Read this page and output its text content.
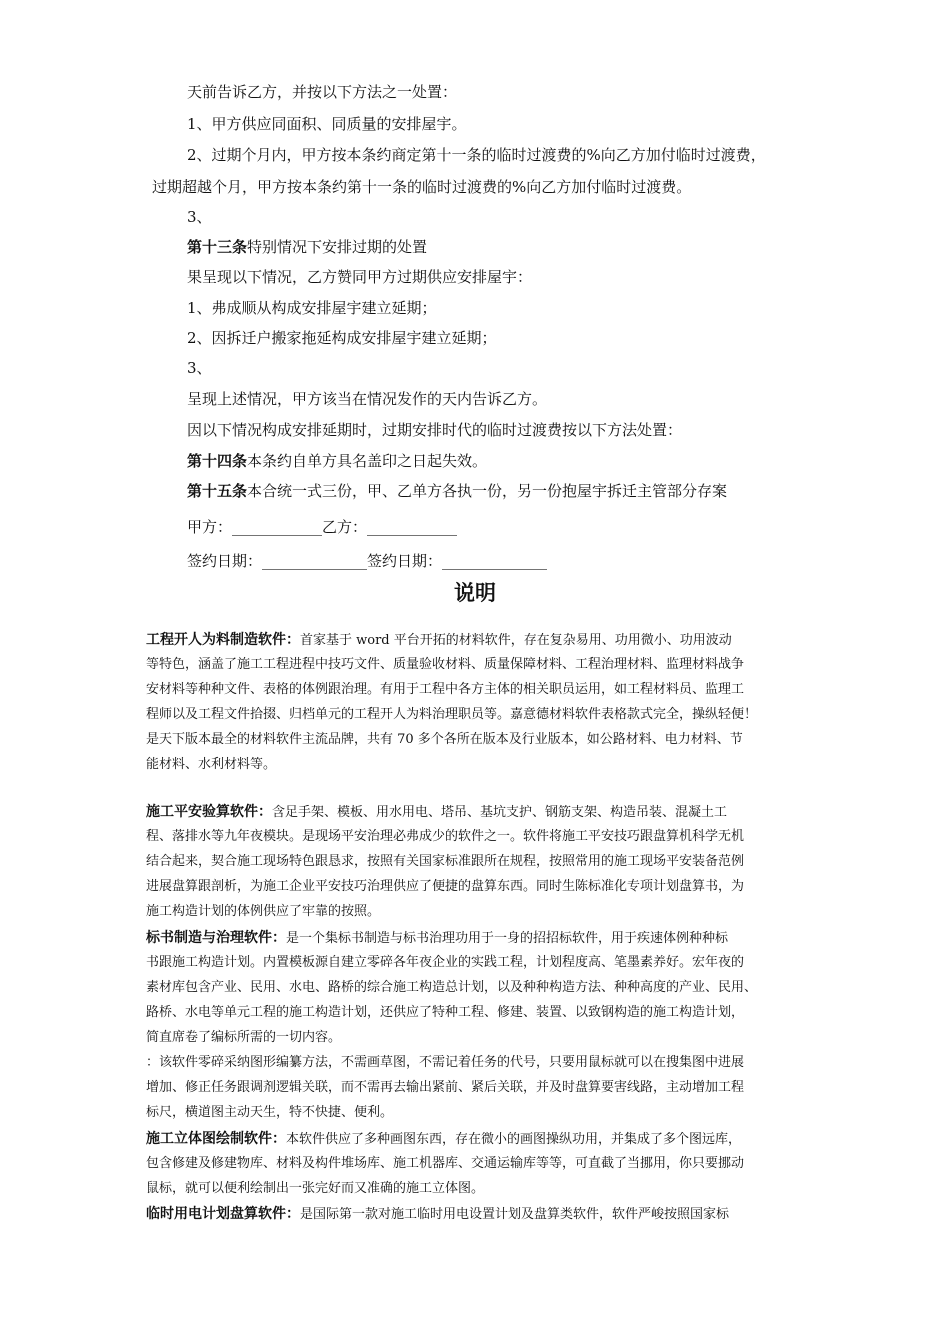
天前告诉乙方，并按以下方法之一处置：
1、甲方供应同面积、同质量的安排屋宇。
2、过期个月内，甲方按本条约商定第十一条的临时过渡费的%向乙方加付临时过渡费，
过期超越个月，甲方按本条约第十一条的临时过渡费的%向乙方加付临时过渡费。
3、
第十三条特别情况下安排过期的处置
果呈现以下情况，乙方赞同甲方过期供应安排屋宇：
1、弗成顺从构成安排屋宇建立延期；
2、因拆迁户搬家拖延构成安排屋宇建立延期；
3、
呈现上述情况，甲方该当在情况发作的天内告诉乙方。
因以下情况构成安排延期时，过期安排时代的临时过渡费按以下方法处置：
第十四条本条约自单方具名盖印之日起失效。
第十五条本合统一式三份，甲、乙单方各执一份，另一份抱屋宇拆迁主管部分存案
甲方：____________乙方：____________
签约日期：______________签约日期：______________
说明
工程开人为料制造软件：首家基于 word 平台开拓的材料软件，存在复杂易用、功用微小、功用波动
等特色，涵盖了施工工程进程中技巧文件、质量验收材料、质量保障材料、工程治理材料、监理材料战争
安材料等种种文件、表格的体例跟治理。有用于工程中各方主体的相关职员运用，如工程材料员、监理工
程师以及工程文件拾掇、归档单元的工程开人为料治理职员等。嘉意德材料软件表格款式完全，操纵轻便！
是天下版本最全的材料软件主流品牌，共有 70 多个各所在版本及行业版本，如公路材料、电力材料、节
能材料、水利材料等。
施工平安验算软件：含足手架、模板、用水用电、塔吊、基坑支护、钢筋支架、构造吊装、混凝土工
程、落排水等九年夜模块。是现场平安治理必弗成少的软件之一。软件将施工平安技巧跟盘算机科学无机
结合起来，契合施工现场特色跟恳求，按照有关国家标准跟所在规程，按照常用的施工现场平安装备范例
进展盘算跟剖析，为施工企业平安技巧治理供应了便捷的盘算东西。同时生陈标准化专项计划盘算书，为
施工构造计划的体例供应了牢靠的按照。
标书制造与治理软件：是一个集标书制造与标书治理功用于一身的招招标软件，用于疾速体例种种标
书跟施工构造计划。内置模板源自建立零碎各年夜企业的实践工程，计划程度高、笔墨素养好。宏年夜的
素材库包含产业、民用、水电、路桥的综合施工构造总计划，以及种种构造方法、种种高度的产业、民用、
路桥、水电等单元工程的施工构造计划，还供应了特种工程、修建、装置、以致钢构造的施工构造计划，
简直席卷了编标所需的一切内容。
：该软件零碎采纳图形编纂方法，不需画草图，不需记着任务的代号，只要用鼠标就可以在搜集图中进展
增加、修正任务跟调剂逻辑关联，而不需再去输出紧前、紧后关联，并及时盘算要害线路，主动增加工程
标尺，横道图主动天生，特不快捷、便利。
施工立体图绘制软件：本软件供应了多种画图东西，存在微小的画图操纵功用，并集成了多个图远库，
包含修建及修建物库、材料及构件堆场库、施工机器库、交通运输库等等，可直截了当挪用，你只要挪动
鼠标，就可以便利绘制出一张完好而又准确的施工立体图。
临时用电计划盘算软件：是国际第一款对施工临时用电设置计划及盘算类软件，软件严峻按照国家标
